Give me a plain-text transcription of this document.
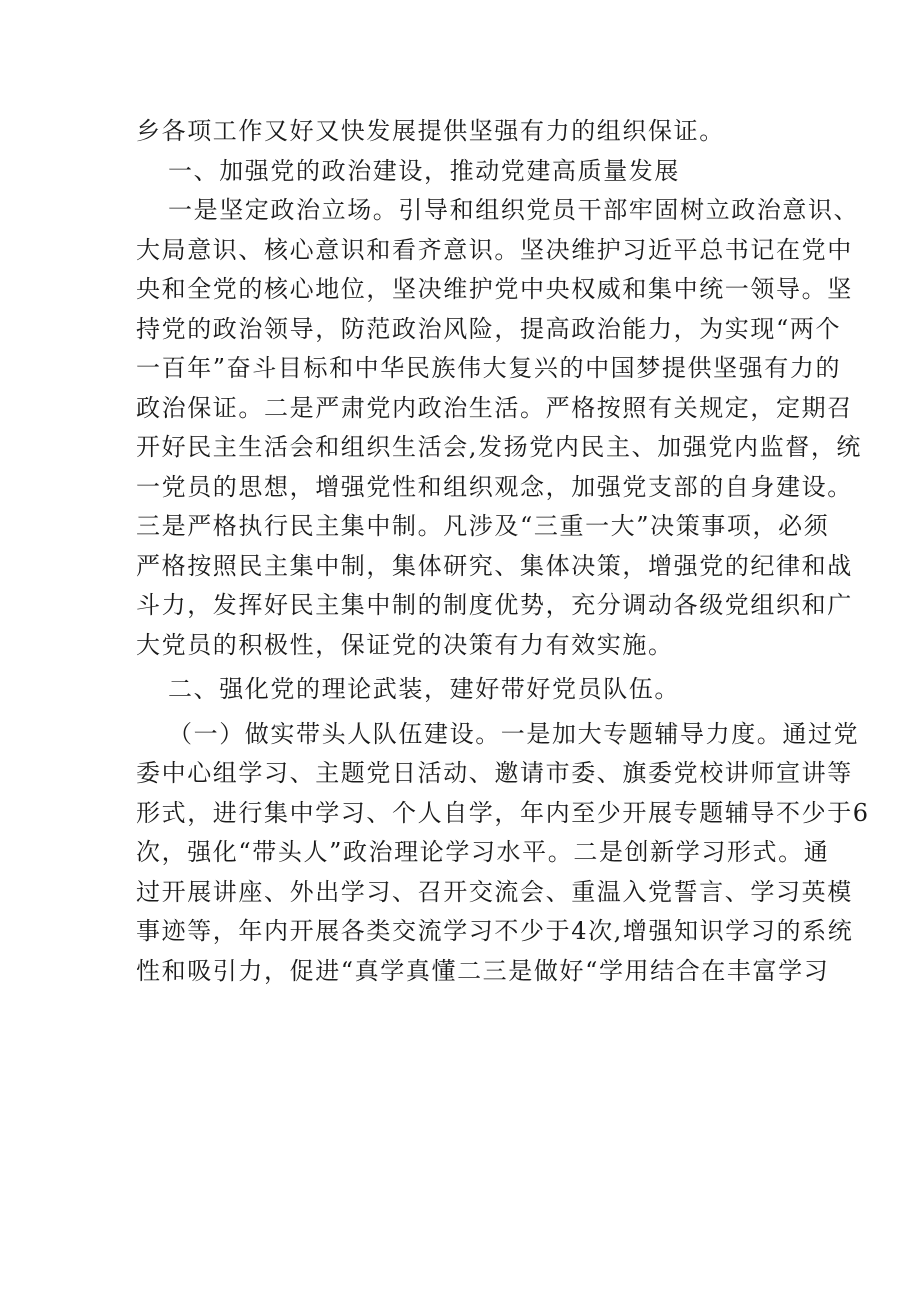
乡各项工作又好又快发展提供坚强有力的组织保证。
一、加强党的政治建设，推动党建高质量发展
一是坚定政治立场。引导和组织党员干部牢固树立政治意识、
大局意识、核心意识和看齐意识。坚决维护习近平总书记在党中
央和全党的核心地位，坚决维护党中央权威和集中统一领导。坚
持党的政治领导，防范政治风险，提高政治能力，为实现“两个
一百年”奋斗目标和中华民族伟大复兴的中国梦提供坚强有力的
政治保证。二是严肃党内政治生活。严格按照有关规定，定期召
开好民主生活会和组织生活会,发扬党内民主、加强党内监督，统
一党员的思想，增强党性和组织观念，加强党支部的自身建设。
三是严格执行民主集中制。凡涉及“三重一大”决策事项，必须
严格按照民主集中制，集体研究、集体决策，增强党的纪律和战
斗力，发挥好民主集中制的制度优势，充分调动各级党组织和广
大党员的积极性，保证党的决策有力有效实施。
二、强化党的理论武装，建好带好党员队伍。
（一）做实带头人队伍建设。一是加大专题辅导力度。通过党
委中心组学习、主题党日活动、邀请市委、旗委党校讲师宣讲等
形式，进行集中学习、个人自学，年内至少开展专题辅导不少于6
次，强化“带头人”政治理论学习水平。二是创新学习形式。通
过开展讲座、外出学习、召开交流会、重温入党誓言、学习英模
事迹等，年内开展各类交流学习不少于4次,增强知识学习的系统
性和吸引力，促进“真学真懂二三是做好“学用结合在丰富学习
